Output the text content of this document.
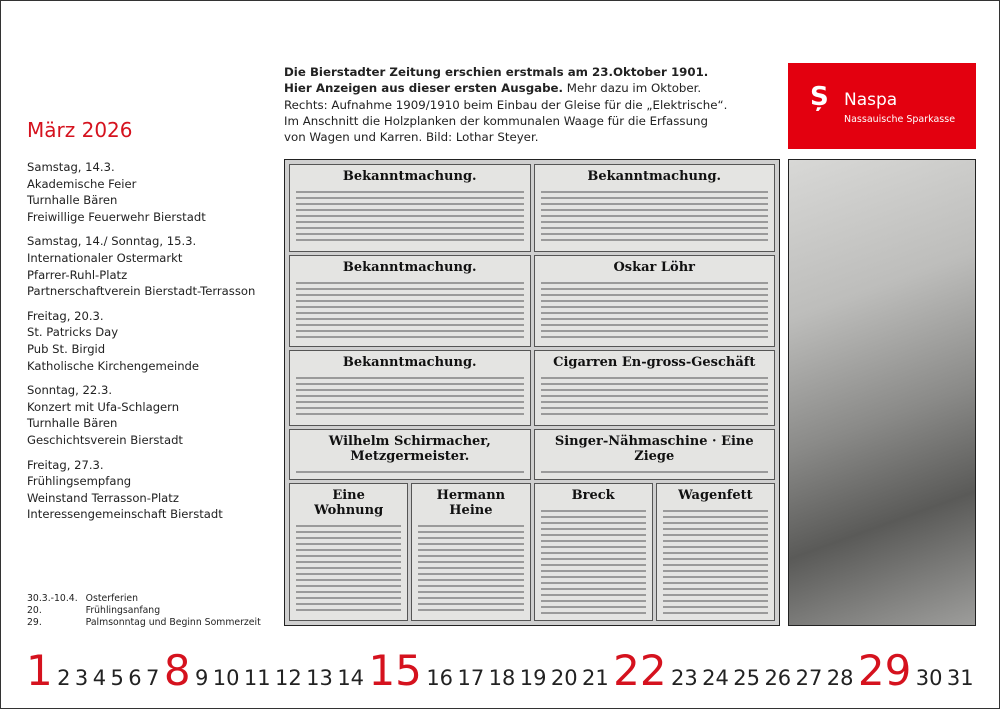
März 2026
Samstag, 14.3.
Akademische Feier
Turnhalle Bären
Freiwillige Feuerwehr Bierstadt
Samstag, 14./ Sonntag, 15.3.
Internationaler Ostermarkt
Pfarrer-Ruhl-Platz
Partnerschaftverein Bierstadt-Terrasson
Freitag, 20.3.
St. Patricks Day
Pub St. Birgid
Katholische Kirchengemeinde
Sonntag, 22.3.
Konzert mit Ufa-Schlagern
Turnhalle Bären
Geschichtsverein Bierstadt
Freitag, 27.3.
Frühlingsempfang
Weinstand Terrasson-Platz
Interessengemeinschaft Bierstadt
30.3.-10.4.	Osterferien
20.	Frühlingsanfang
29.	Palmsonntag und Beginn Sommerzeit
Die Bierstadter Zeitung erschien erstmals am 23.Oktober 1901.
Hier Anzeigen aus dieser ersten Ausgabe. Mehr dazu im Oktober.
Rechts: Aufnahme 1909/1910 beim Einbau der Gleise für die „Elektrische“.
Im Anschnitt die Holzplanken der kommunalen Waage für die Erfassung
von Wagen und Karren. Bild: Lothar Steyer.
Ș Naspa
Nassauische Sparkasse
Bekanntmachung.	Bekanntmachung.
Bekanntmachung.	Oskar Löhr
Bekanntmachung.	Cigarren En-gross-Geschäft
Wilhelm Schirmacher, Metzgermeister.
Singer-Nähmaschine · Eine Ziege
Eine Wohnung
Hermann Heine
Breck	Wagenfett
1 2 3 4 5 6 7 8 9 10 11 12 13 14 15 16 17 18 19 20 21 22 23 24 25 26 27 28 29 30 31
